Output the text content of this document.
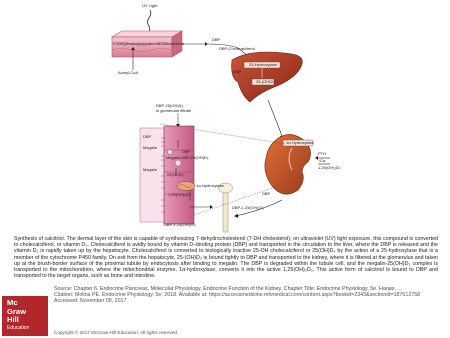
UV Light
7-Dehydrocholesterol Cholecalciferol
Acetyl-CoA
DBP
DBP-Cholecalciferol
25-Hydroxylase
DBP
25-(OH)D₃
DBP-25(OH)D₃
in glomerular filtrate
DBP
Megalin
DBP
Megalin-DBP-25(OH)D₃
Megalin
25(OH)D₃
1α-Hydroxylase
1,25(OH)₂D₃
DBP-1,25(OH)₂D₃
1α-Hydroxylase
PTH
↑Ca
1,25(OH)₂D₃
DBP-1,25(OH)₂D₃
DBP
Synthesis of calcitriol. The dermal layer of the skin is capable of synthesizing 7-dehydrocholesterol (7-DH cholesterol); on ultraviolet (UV) light exposure, this compound is converted to cholecalciferol, or vitamin D₃. Cholecalciferol is avidly bound by vitamin D–binding protein (DBP) and transported in the circulation to the liver, where the DBP is released and the vitamin D₃ is rapidly taken up by the hepatocyte. Cholecalciferol is converted to biologically inactive 25-OH cholecalciferol or 25(OH)D₃ by the action of a 25-hydroxylase that is a member of the cytochrome P450 family. On exit from the hepatocyte, 25-(OH)D₃ is bound tightly to DBP and transported to the kidney, where it is filtered at the glomerulus and taken up at the brush-border surface of the proximal tubule by endocytosis after binding to megalin. The DBP is degraded within the tubule cell, and the megalin-25(OH)D₃ complex is transported to the mitochondrion, where the mitochondrial enzyme, 1α-hydroxylase, converts it into the active 1,25(OH)₂D₃. This active form of calcitriol is bound to DBP and transported to the target organs, such as bone and intestine.
Source: Chapter 6. Endocrine Pancreas, Molecular Physiology, Endocrine Function of the Kidney, Chapter Title: Endocrine Physiology, 5e. Hanas, ...
Citation: Molina PE. Endocrine Physiology, 5e; 2018. Available at: https://accessmedicine.mhmedical.com/content.aspx?bookid=2343&sectionid=187612758 Accessed: November 09, 2017
Mc
Graw
Hill
Education
Copyright © 2017 McGraw-Hill Education. All rights reserved
